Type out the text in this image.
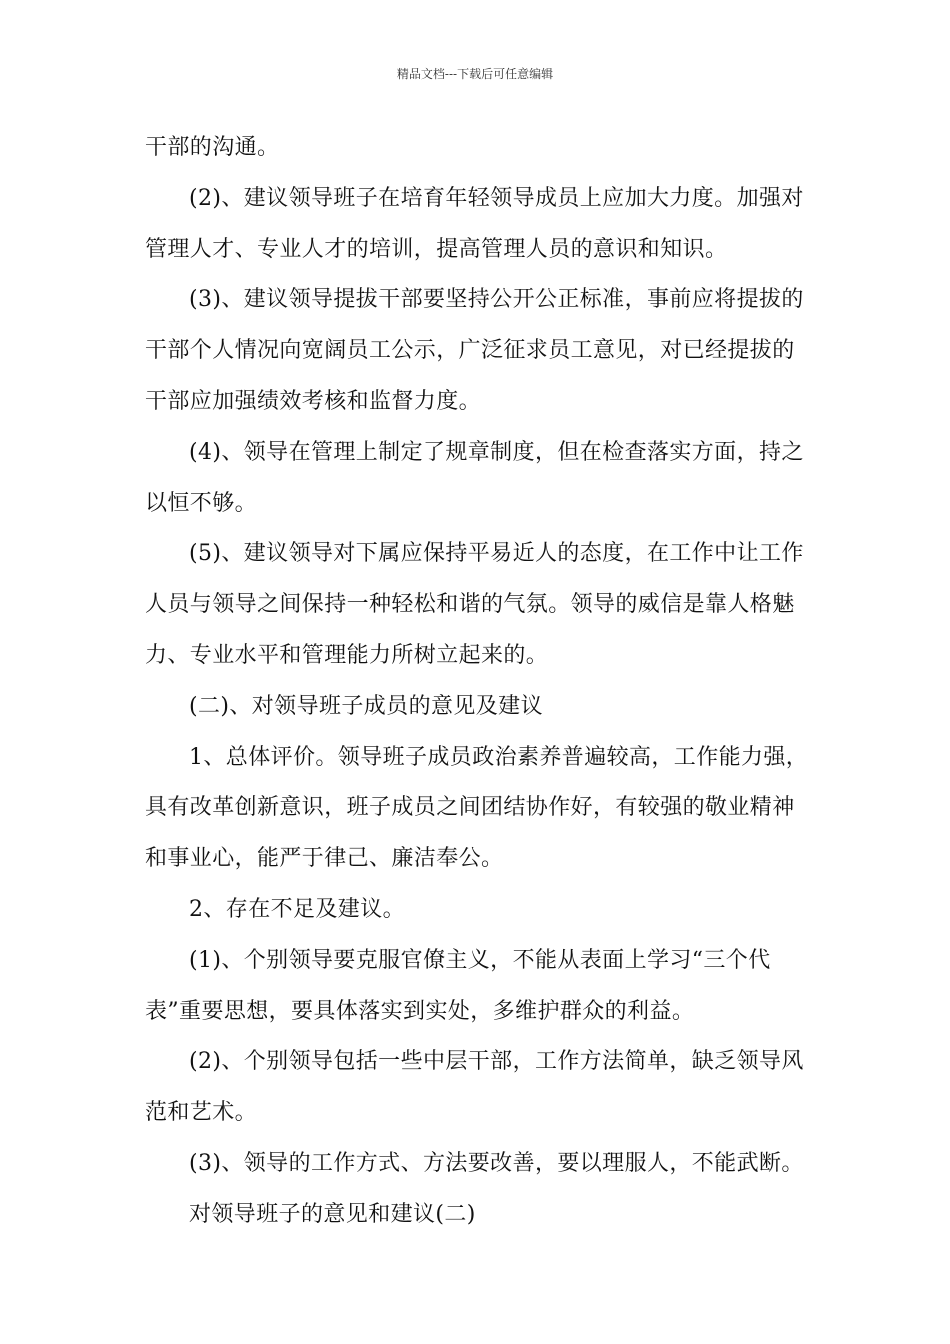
精品文档---下载后可任意编辑
干部的沟通。
(2)、建议领导班子在培育年轻领导成员上应加大力度。加强对
管理人才、专业人才的培训，提高管理人员的意识和知识。
(3)、建议领导提拔干部要坚持公开公正标准，事前应将提拔的
干部个人情况向宽阔员工公示，广泛征求员工意见，对已经提拔的
干部应加强绩效考核和监督力度。
(4)、领导在管理上制定了规章制度，但在检查落实方面，持之
以恒不够。
(5)、建议领导对下属应保持平易近人的态度，在工作中让工作
人员与领导之间保持一种轻松和谐的气氛。领导的威信是靠人格魅
力、专业水平和管理能力所树立起来的。
(二)、对领导班子成员的意见及建议
1、总体评价。领导班子成员政治素养普遍较高，工作能力强，
具有改革创新意识，班子成员之间团结协作好，有较强的敬业精神
和事业心，能严于律己、廉洁奉公。
2、存在不足及建议。
(1)、个别领导要克服官僚主义，不能从表面上学习“三个代
表”重要思想，要具体落实到实处，多维护群众的利益。
(2)、个别领导包括一些中层干部，工作方法简单，缺乏领导风
范和艺术。
(3)、领导的工作方式、方法要改善，要以理服人，不能武断。
对领导班子的意见和建议(二)
